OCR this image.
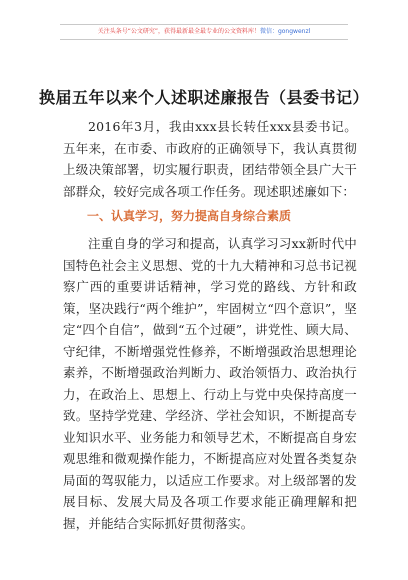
关注头条号“公文研究”，获得最新最全最专业的公文资料库！微信：gongwenzl
换届五年以来个人述职述廉报告（县委书记）
2016年3月，我由xxx县长转任xxx县委书记。五年来，在市委、市政府的正确领导下，我认真贯彻上级决策部署，切实履行职责，团结带领全县广大干部群众，较好完成各项工作任务。现述职述廉如下：
一、认真学习，努力提高自身综合素质
注重自身的学习和提高，认真学习习xx新时代中国特色社会主义思想、党的十九大精神和习总书记视察广西的重要讲话精神，学习党的路线、方针和政策，坚决践行“两个维护”，牢固树立“四个意识”，坚定“四个自信”，做到“五个过硬”，讲党性、顾大局、守纪律，不断增强党性修养，不断增强政治思想理论素养，不断增强政治判断力、政治领悟力、政治执行力，在政治上、思想上、行动上与党中央保持高度一致。坚持学党建、学经济、学社会知识，不断提高专业知识水平、业务能力和领导艺术，不断提高自身宏观思维和微观操作能力，不断提高应对处置各类复杂局面的驾驭能力，以适应工作要求。对上级部署的发展目标、发展大局及各项工作要求能正确理解和把握，并能结合实际抓好贯彻落实。
